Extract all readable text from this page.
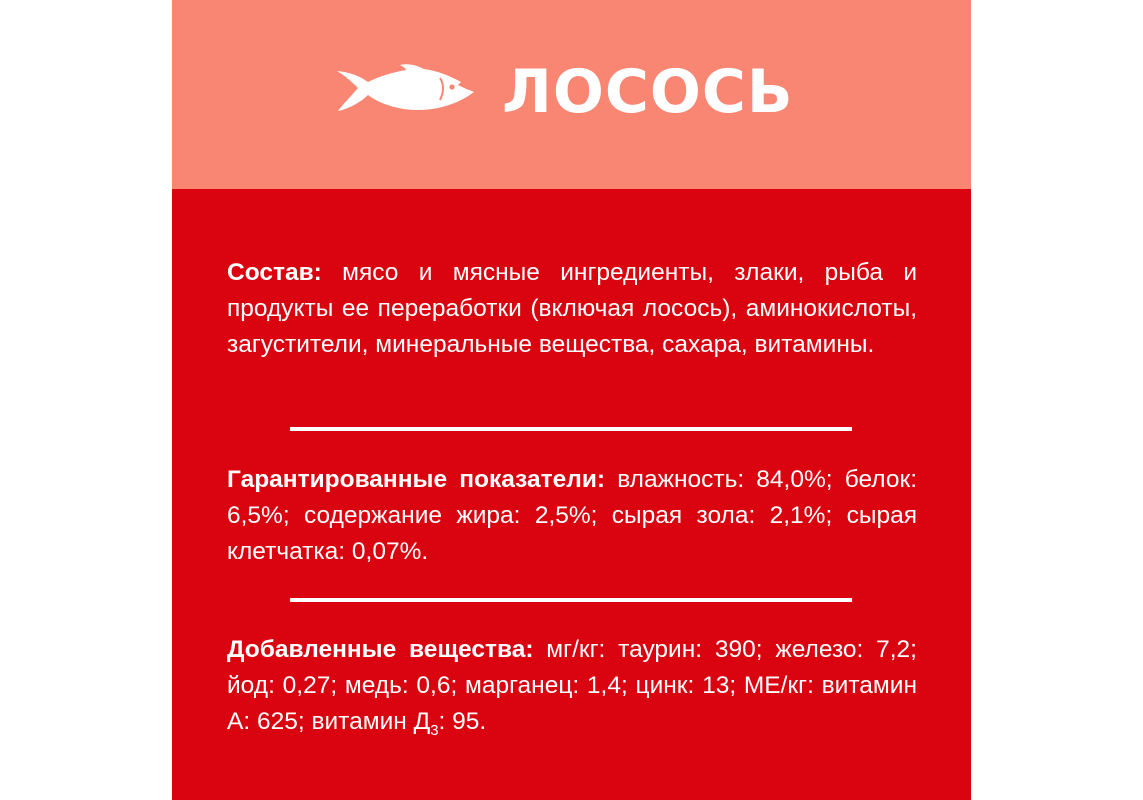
ЛОСОСЬ

Состав: мясо и мясные ингредиенты, злаки, рыба и продукты ее переработки (включая лосось), аминокислоты, загустители, минеральные вещества, сахара, витамины.

Гарантированные показатели: влажность: 84,0%; белок: 6,5%; содержание жира: 2,5%; сырая зола: 2,1%; сырая клетчатка: 0,07%.

Добавленные вещества: мг/кг: таурин: 390; железо: 7,2; йод: 0,27; медь: 0,6; марганец: 1,4; цинк: 13; МЕ/кг: витамин А: 625; витамин $Д_3$: 95.
